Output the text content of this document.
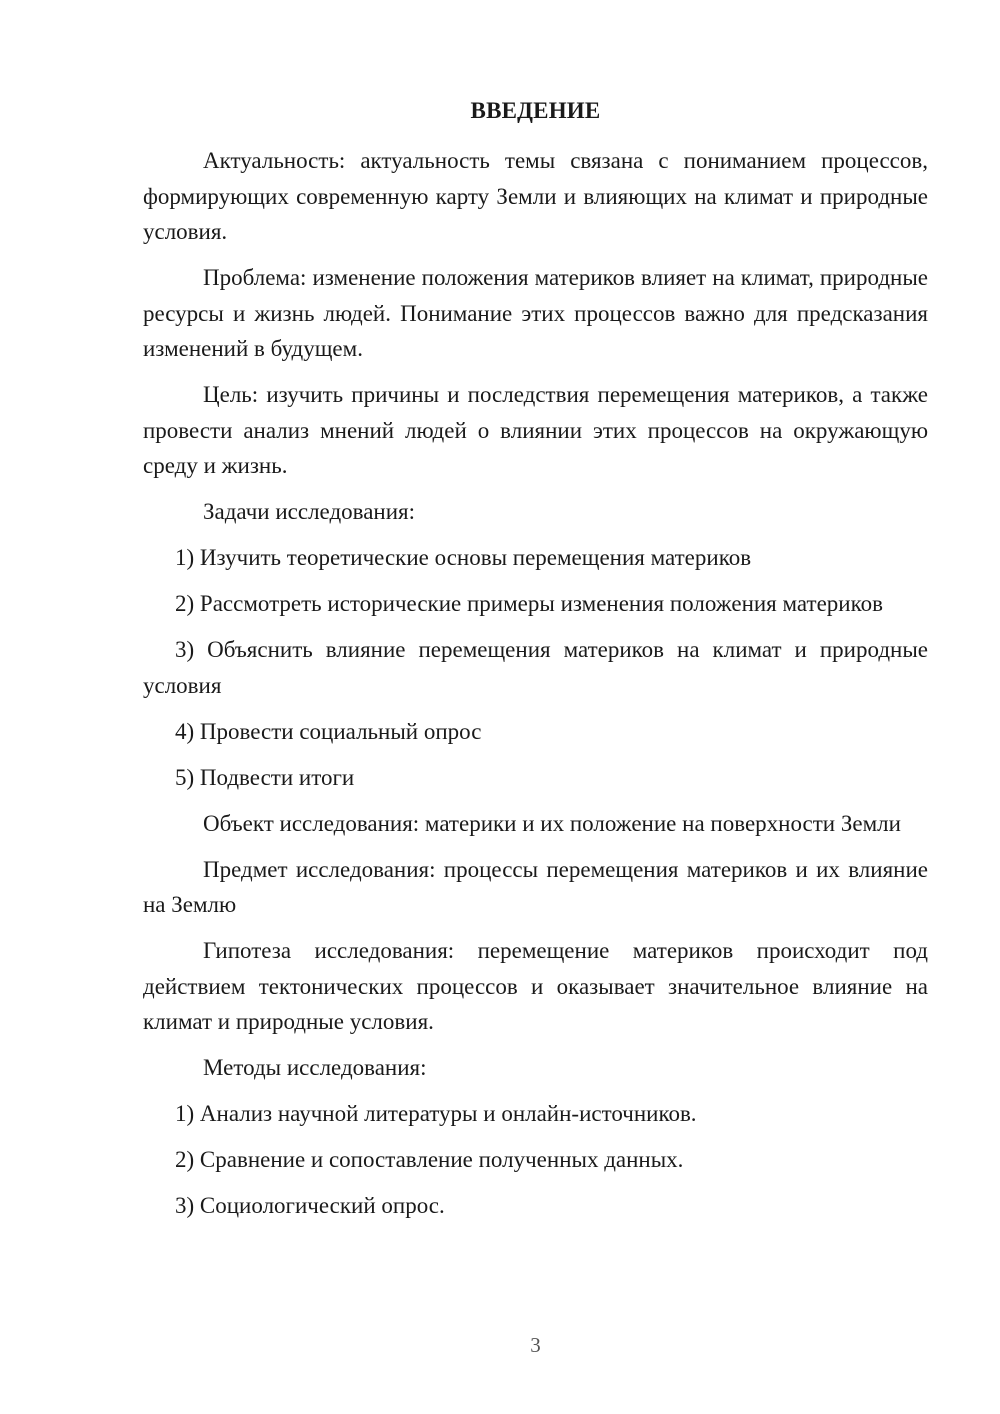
ВВЕДЕНИЕ

Актуальность: актуальность темы связана с пониманием процессов, формирующих современную карту Земли и влияющих на климат и природные условия.

Проблема: изменение положения материков влияет на климат, природные ресурсы и жизнь людей. Понимание этих процессов важно для предсказания изменений в будущем.

Цель: изучить причины и последствия перемещения материков, а также провести анализ мнений людей о влиянии этих процессов на окружающую среду и жизнь.

Задачи исследования:

1) Изучить теоретические основы перемещения материков

2) Рассмотреть исторические примеры изменения положения материков

3) Объяснить влияние перемещения материков на климат и природные условия

4) Провести социальный опрос

5) Подвести итоги

Объект исследования: материки и их положение на поверхности Земли

Предмет исследования: процессы перемещения материков и их влияние на Землю

Гипотеза исследования: перемещение материков происходит под действием тектонических процессов и оказывает значительное влияние на климат и природные условия.

Методы исследования:

1) Анализ научной литературы и онлайн-источников.

2) Сравнение и сопоставление полученных данных.

3) Социологический опрос.

3
